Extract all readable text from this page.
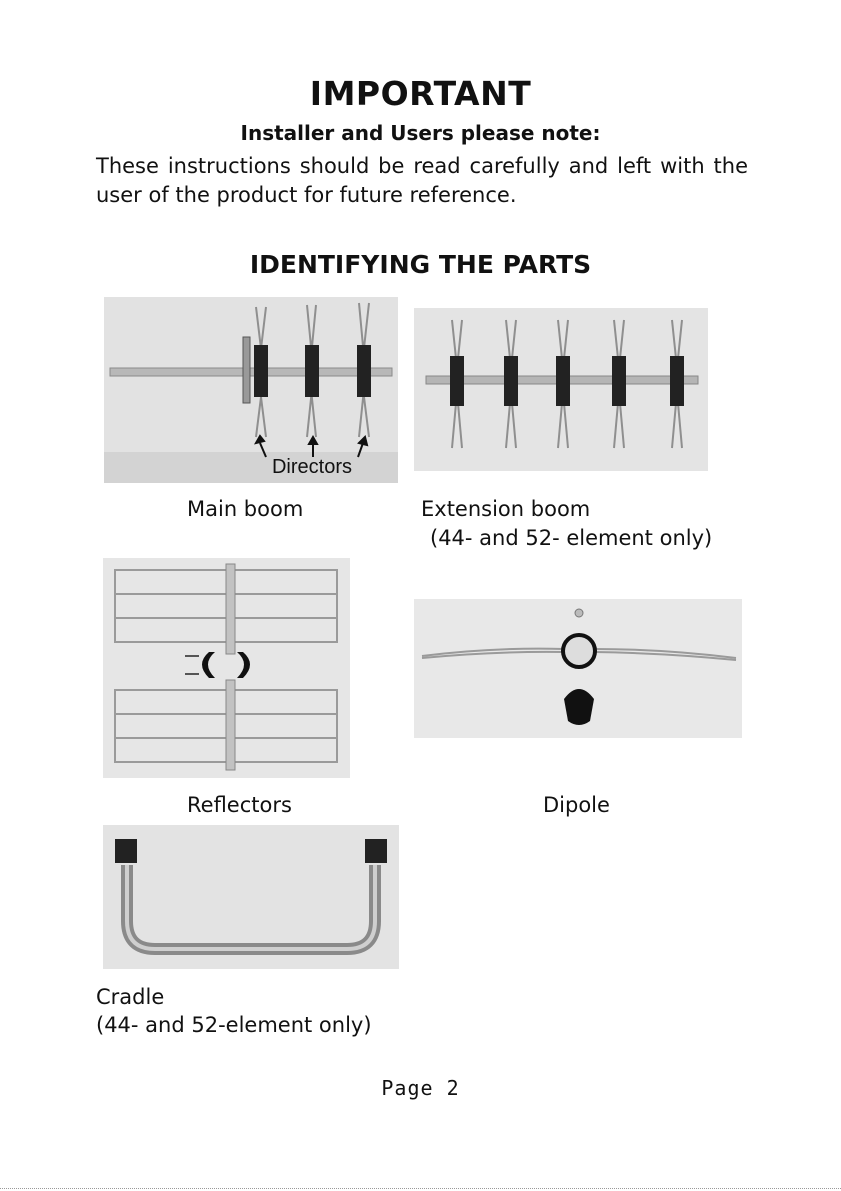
IMPORTANT
Installer and Users please note:
These instructions should be read carefully and left with the user of the product for future reference.
IDENTIFYING THE PARTS
Directors
Main boom	Extension boom
(44- and 52- element only)
Reflectors	Dipole
Cradle
(44- and 52-element only)
Page 2
